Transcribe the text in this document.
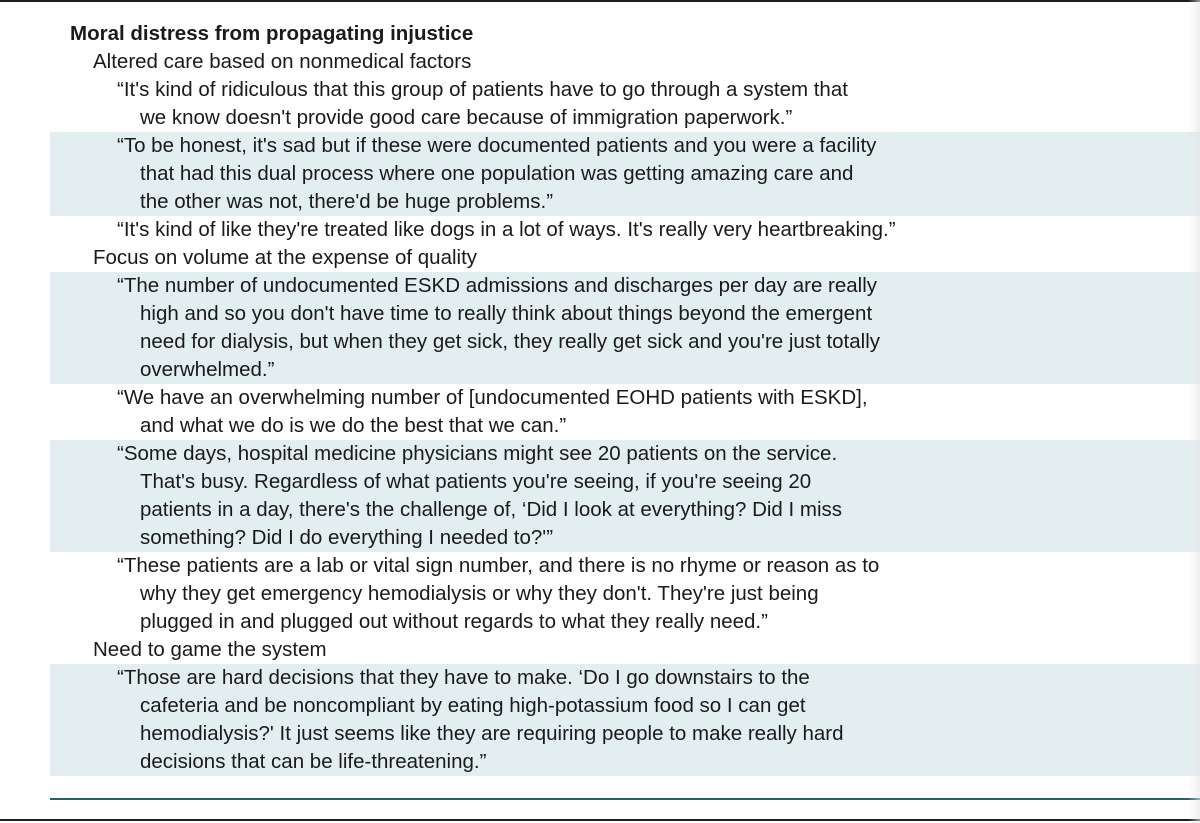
Moral distress from propagating injustice
Altered care based on nonmedical factors
“It's kind of ridiculous that this group of patients have to go through a system that
we know doesn't provide good care because of immigration paperwork.”
“To be honest, it's sad but if these were documented patients and you were a facility
that had this dual process where one population was getting amazing care and
the other was not, there'd be huge problems.”
“It's kind of like they're treated like dogs in a lot of ways. It's really very heartbreaking.”
Focus on volume at the expense of quality
“The number of undocumented ESKD admissions and discharges per day are really
high and so you don't have time to really think about things beyond the emergent
need for dialysis, but when they get sick, they really get sick and you're just totally
overwhelmed.”
“We have an overwhelming number of [undocumented EOHD patients with ESKD],
and what we do is we do the best that we can.”
“Some days, hospital medicine physicians might see 20 patients on the service.
That's busy. Regardless of what patients you're seeing, if you're seeing 20
patients in a day, there's the challenge of, ‘Did I look at everything? Did I miss
something? Did I do everything I needed to?'”
“These patients are a lab or vital sign number, and there is no rhyme or reason as to
why they get emergency hemodialysis or why they don't. They're just being
plugged in and plugged out without regards to what they really need.”
Need to game the system
“Those are hard decisions that they have to make. ‘Do I go downstairs to the
cafeteria and be noncompliant by eating high-potassium food so I can get
hemodialysis?' It just seems like they are requiring people to make really hard
decisions that can be life-threatening.”
